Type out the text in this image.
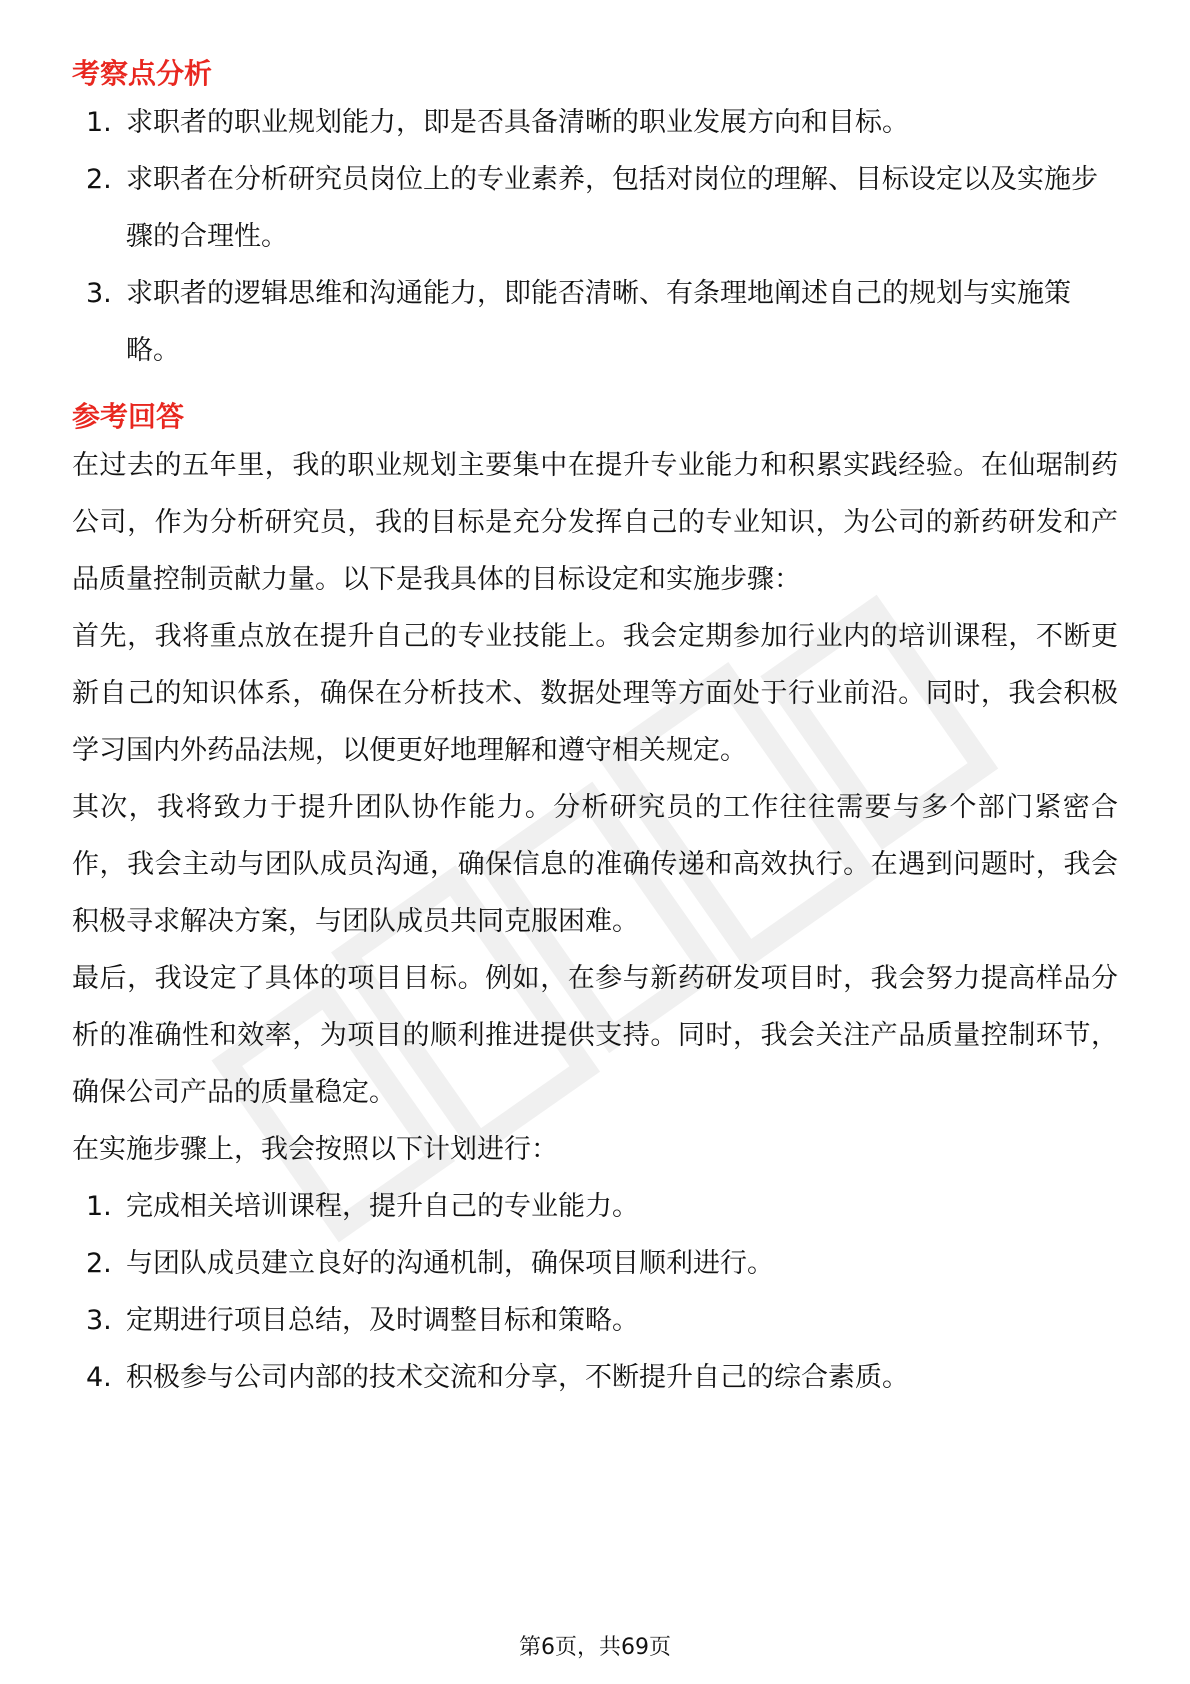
考察点分析
1. 求职者的职业规划能力，即是否具备清晰的职业发展方向和目标。
2. 求职者在分析研究员岗位上的专业素养，包括对岗位的理解、目标设定以及实施步骤的合理性。
3. 求职者的逻辑思维和沟通能力，即能否清晰、有条理地阐述自己的规划与实施策略。
参考回答

在过去的五年里，我的职业规划主要集中在提升专业能力和积累实践经验。在仙琚制药公司，作为分析研究员，我的目标是充分发挥自己的专业知识，为公司的新药研发和产品质量控制贡献力量。以下是我具体的目标设定和实施步骤：

首先，我将重点放在提升自己的专业技能上。我会定期参加行业内的培训课程，不断更新自己的知识体系，确保在分析技术、数据处理等方面处于行业前沿。同时，我会积极学习国内外药品法规，以便更好地理解和遵守相关规定。

其次，我将致力于提升团队协作能力。分析研究员的工作往往需要与多个部门紧密合作，我会主动与团队成员沟通，确保信息的准确传递和高效执行。在遇到问题时，我会积极寻求解决方案，与团队成员共同克服困难。

最后，我设定了具体的项目目标。例如，在参与新药研发项目时，我会努力提高样品分析的准确性和效率，为项目的顺利推进提供支持。同时，我会关注产品质量控制环节，确保公司产品的质量稳定。

在实施步骤上，我会按照以下计划进行：

1. 完成相关培训课程，提升自己的专业能力。
2. 与团队成员建立良好的沟通机制，确保项目顺利进行。
3. 定期进行项目总结，及时调整目标和策略。
4. 积极参与公司内部的技术交流和分享，不断提升自己的综合素质。
第6页，共69页
